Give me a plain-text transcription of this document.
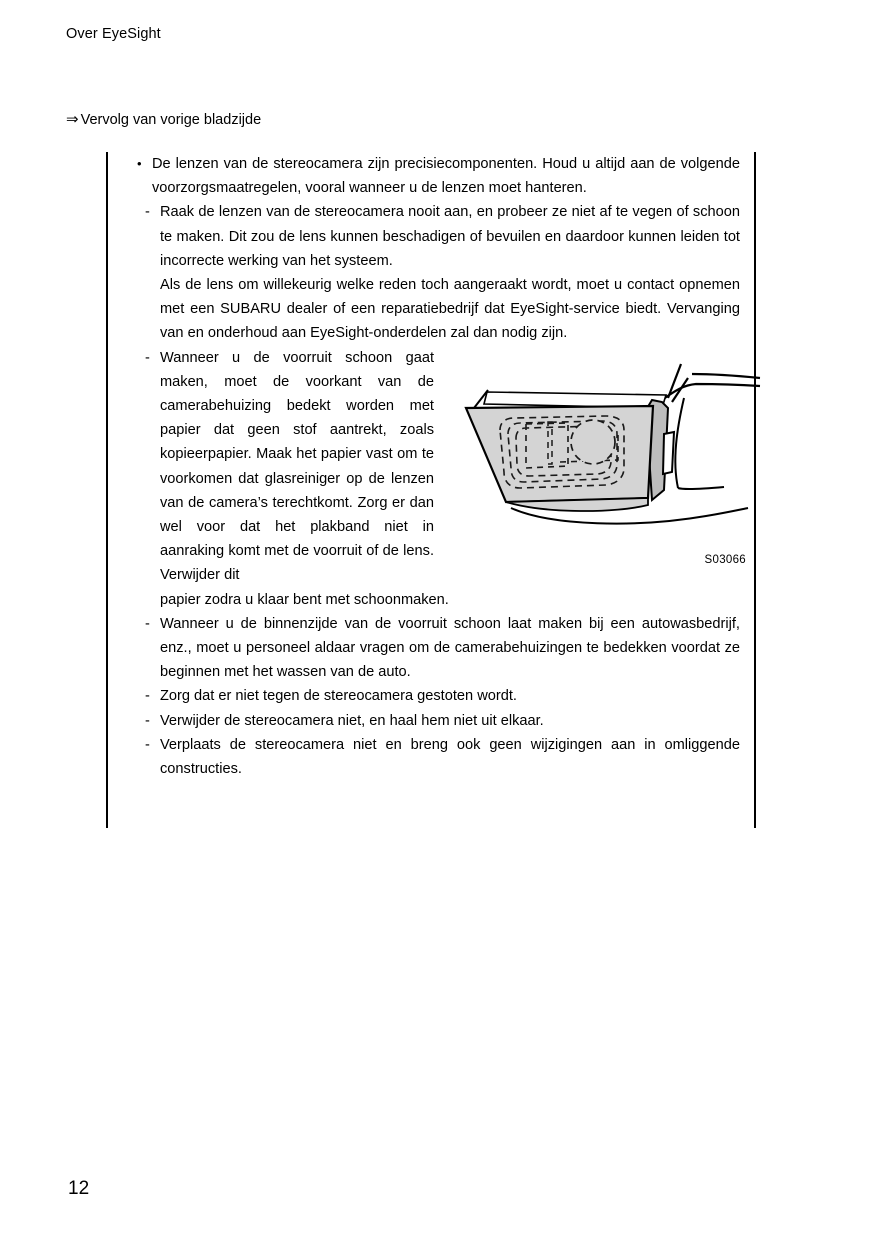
Over EyeSight
⇒ Vervolg van vorige bladzijde
• De lenzen van de stereocamera zijn precisiecomponenten. Houd u altijd aan de volgende voorzorgsmaatregelen, vooral wanneer u de lenzen moet hanteren.
- Raak de lenzen van de stereocamera nooit aan, en probeer ze niet af te vegen of schoon te maken. Dit zou de lens kunnen beschadigen of bevuilen en daardoor kunnen leiden tot incorrecte werking van het systeem.

Als de lens om willekeurig welke reden toch aangeraakt wordt, moet u contact opnemen met een SUBARU dealer of een reparatiebedrijf dat EyeSight-service biedt. Vervanging van en onderhoud aan EyeSight-onderdelen zal dan nodig zijn.

-
S03066

Wanneer u de voorruit schoon gaat maken, moet de voorkant van de camerabehuizing bedekt worden met papier dat geen stof aantrekt, zoals kopieerpapier. Maak het papier vast om te voorkomen dat glasreiniger op de lenzen van de camera’s terechtkomt. Zorg er dan wel voor dat het plakband niet in aanraking komt met de voorruit of de lens. Verwijder dit

papier zodra u klaar bent met schoonmaken.

- Wanneer u de binnenzijde van de voorruit schoon laat maken bij een autowasbedrijf, enz., moet u personeel aldaar vragen om de camerabehuizingen te bedekken voordat ze beginnen met het wassen van de auto.

- Zorg dat er niet tegen de stereocamera gestoten wordt.

- Verwijder de stereocamera niet, en haal hem niet uit elkaar.

- Verplaats de stereocamera niet en breng ook geen wijzigingen aan in omliggende constructies.

12
